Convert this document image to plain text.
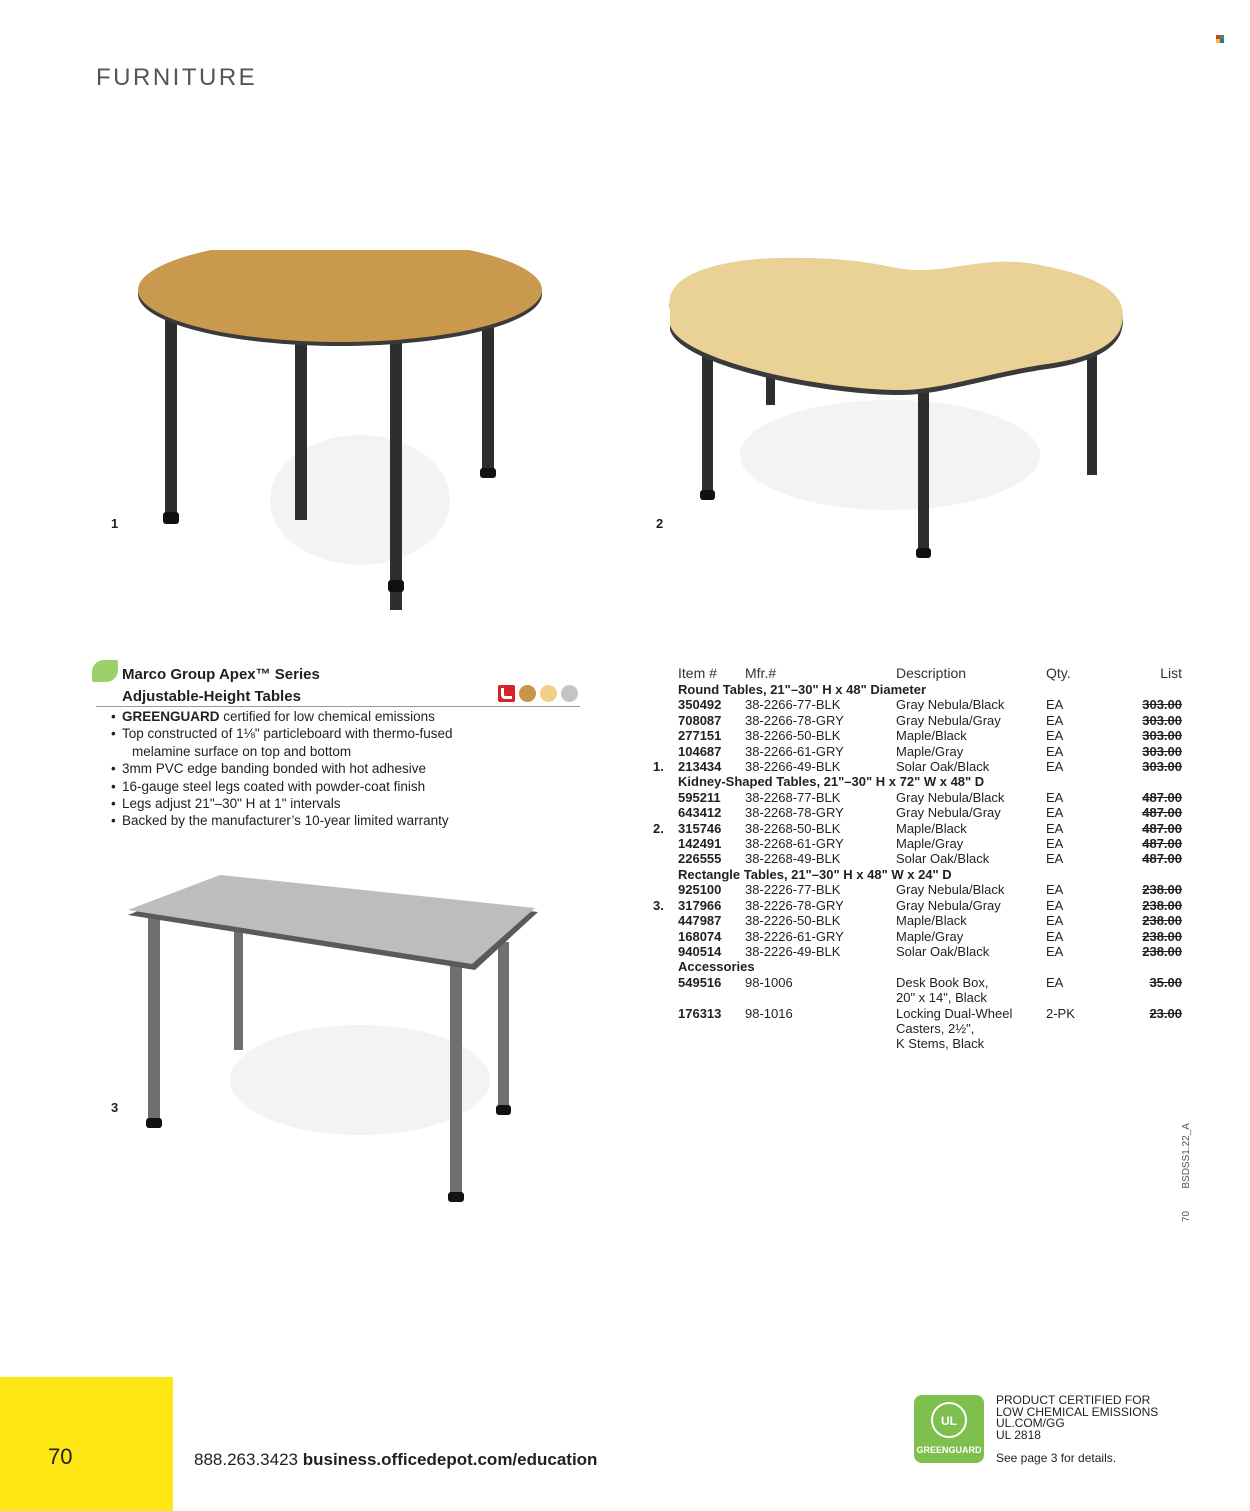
FURNITURE
1	2
3
Marco Group Apex™ Series
Adjustable-Height Tables
• GREENGUARD certified for low chemical emissions
• Top constructed of 1⅛" particleboard with thermo-fused
melamine surface on top and bottom
• 3mm PVC edge banding bonded with hot adhesive
• 16-gauge steel legs coated with powder-coat finish
• Legs adjust 21"–30" H at 1" intervals
• Backed by the manufacturer’s 10-year limited warranty
	Item #	Mfr.#	Description	Qty.	List
	Round Tables, 21"–30" H x 48" Diameter				
	350492	38-2266-77-BLK	Gray Nebula/Black	EA	303.00
	708087	38-2266-78-GRY	Gray Nebula/Gray	EA	303.00
	277151	38-2266-50-BLK	Maple/Black	EA	303.00
	104687	38-2266-61-GRY	Maple/Gray	EA	303.00
1.	213434	38-2266-49-BLK	Solar Oak/Black	EA	303.00
	Kidney-Shaped Tables, 21"–30" H x 72" W x 48" D				
	595211	38-2268-77-BLK	Gray Nebula/Black	EA	487.00
	643412	38-2268-78-GRY	Gray Nebula/Gray	EA	487.00
2.	315746	38-2268-50-BLK	Maple/Black	EA	487.00
	142491	38-2268-61-GRY	Maple/Gray	EA	487.00
	226555	38-2268-49-BLK	Solar Oak/Black	EA	487.00
	Rectangle Tables, 21"–30" H x 48" W x 24" D				
	925100	38-2226-77-BLK	Gray Nebula/Black	EA	238.00
3.	317966	38-2226-78-GRY	Gray Nebula/Gray	EA	238.00
	447987	38-2226-50-BLK	Maple/Black	EA	238.00
	168074	38-2226-61-GRY	Maple/Gray	EA	238.00
	940514	38-2226-49-BLK	Solar Oak/Black	EA	238.00
	Accessories				
	549516	98-1006	Desk Book Box,	EA	35.00
			20" x 14", Black		
	176313	98-1016	Locking Dual-Wheel	2-PK	23.00
			Casters, 2½",		
			K Stems, Black		
70	888.263.3423 business.officedepot.com/education
UL
GREENGUARD
PRODUCT CERTIFIED FOR
LOW CHEMICAL EMISSIONS
UL.COM/GG
UL 2818
See page 3 for details.
70        BSDSS1.22_A
